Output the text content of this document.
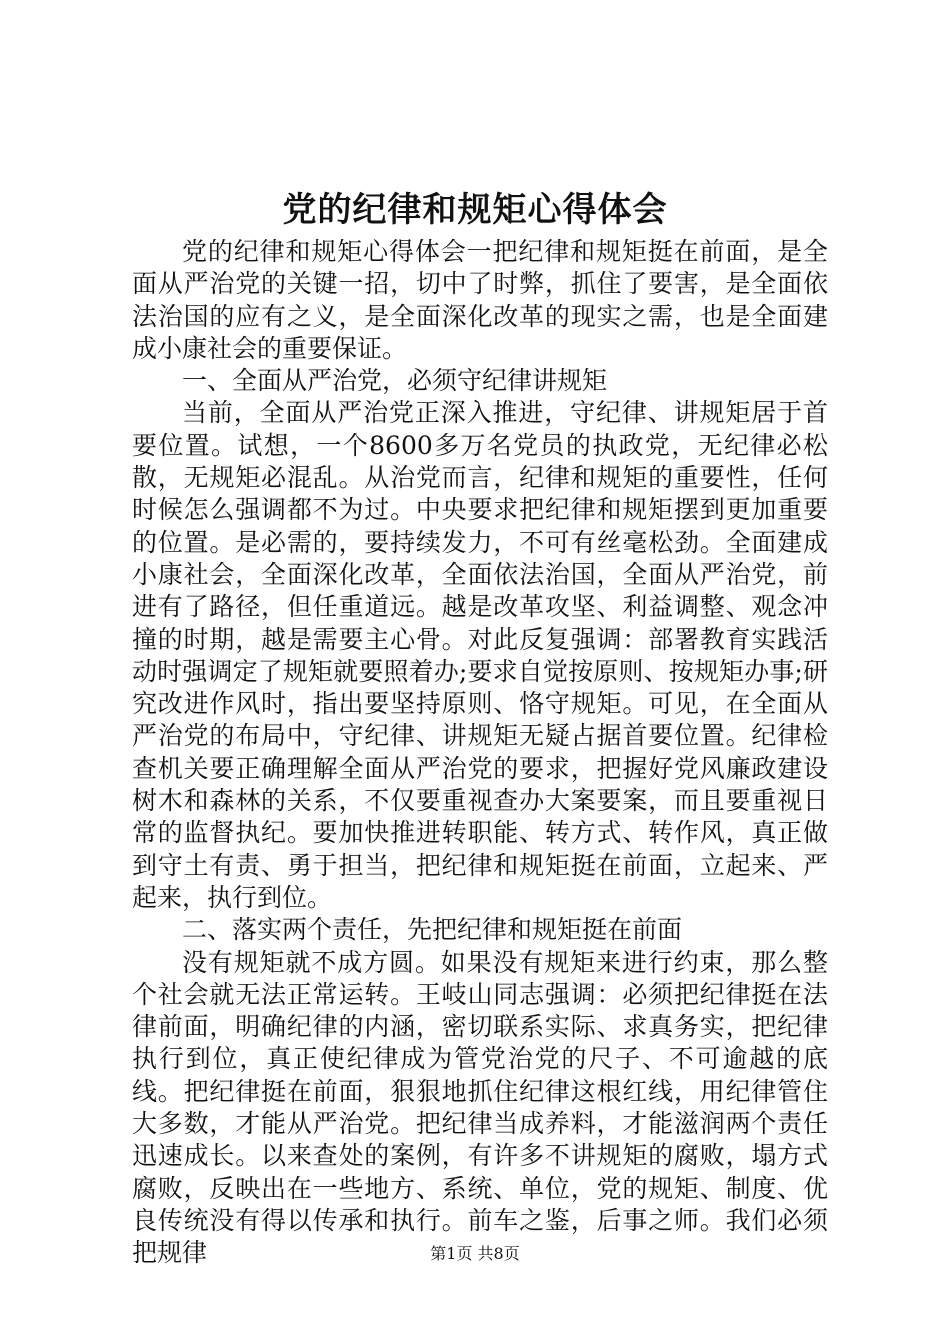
党的纪律和规矩心得体会

党的纪律和规矩心得体会一把纪律和规矩挺在前面，是全面从严治党的关键一招，切中了时弊，抓住了要害，是全面依法治国的应有之义，是全面深化改革的现实之需，也是全面建成小康社会的重要保证。

一、全面从严治党，必须守纪律讲规矩

当前，全面从严治党正深入推进，守纪律、讲规矩居于首要位置。试想，一个8600多万名党员的执政党，无纪律必松散，无规矩必混乱。从治党而言，纪律和规矩的重要性，任何时候怎么强调都不为过。中央要求把纪律和规矩摆到更加重要的位置。是必需的，要持续发力，不可有丝毫松劲。全面建成小康社会，全面深化改革，全面依法治国，全面从严治党，前进有了路径，但任重道远。越是改革攻坚、利益调整、观念冲撞的时期，越是需要主心骨。对此反复强调：部署教育实践活动时强调定了规矩就要照着办;要求自觉按原则、按规矩办事;研究改进作风时，指出要坚持原则、恪守规矩。可见，在全面从严治党的布局中，守纪律、讲规矩无疑占据首要位置。纪律检查机关要正确理解全面从严治党的要求，把握好党风廉政建设树木和森林的关系，不仅要重视查办大案要案，而且要重视日常的监督执纪。要加快推进转职能、转方式、转作风，真正做到守土有责、勇于担当，把纪律和规矩挺在前面，立起来、严起来，执行到位。

二、落实两个责任，先把纪律和规矩挺在前面

没有规矩就不成方圆。如果没有规矩来进行约束，那么整个社会就无法正常运转。王岐山同志强调：必须把纪律挺在法律前面，明确纪律的内涵，密切联系实际、求真务实，把纪律执行到位，真正使纪律成为管党治党的尺子、不可逾越的底线。把纪律挺在前面，狠狠地抓住纪律这根红线，用纪律管住大多数，才能从严治党。把纪律当成养料，才能滋润两个责任迅速成长。以来查处的案例，有许多不讲规矩的腐败，塌方式腐败，反映出在一些地方、系统、单位，党的规矩、制度、优良传统没有得以传承和执行。前车之鉴，后事之师。我们必须把规律	第1页 共8页
